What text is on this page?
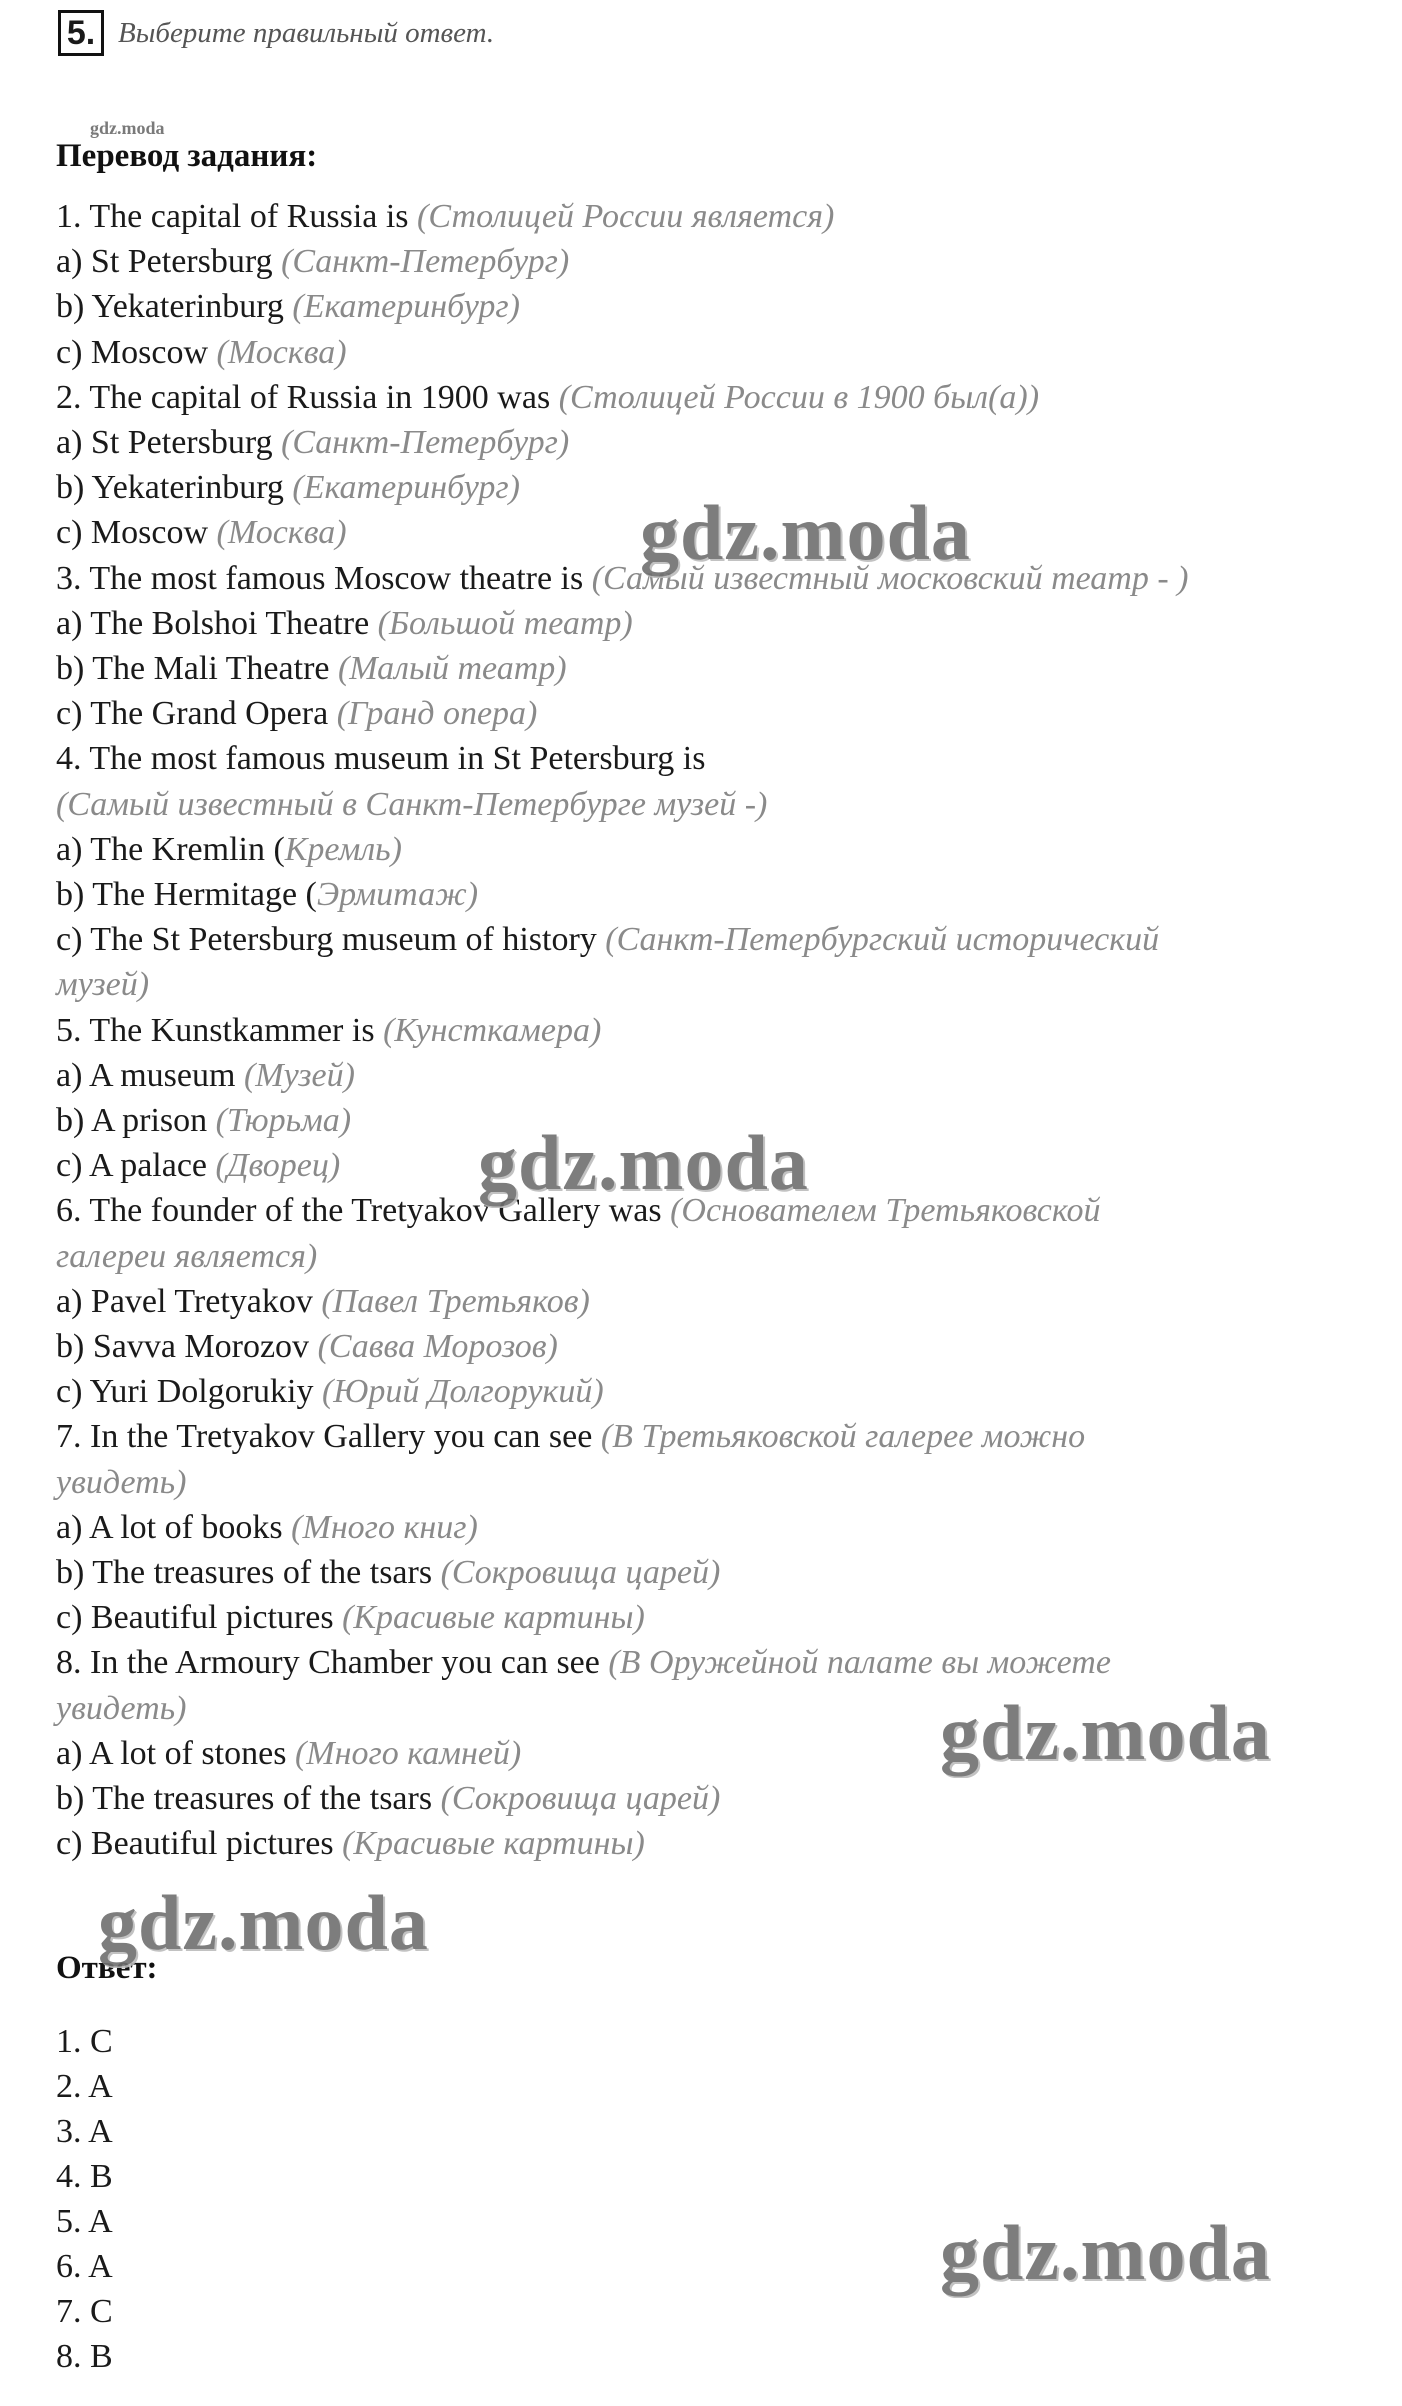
5. Выберите правильный ответ.
gdz.moda
Перевод задания:
1. The capital of Russia is (Столицей России является)
a) St Petersburg (Санкт-Петербург)
b) Yekaterinburg (Екатеринбург)
c) Moscow (Москва)
2. The capital of Russia in 1900 was (Столицей России в 1900 был(а))
a) St Petersburg (Санкт-Петербург)
b) Yekaterinburg (Екатеринбург)
c) Moscow (Москва)
3. The most famous Moscow theatre is (Самый известный московский театр - )
a) The Bolshoi Theatre (Большой театр)
b) The Mali Theatre (Малый театр)
c) The Grand Opera (Гранд опера)
4. The most famous museum in St Petersburg is
(Самый известный в Санкт-Петербурге музей -)
a) The Kremlin (Кремль)
b) The Hermitage (Эрмитаж)
c) The St Petersburg museum of history (Санкт-Петербургский исторический
музей)
5. The Kunstkammer is (Кунсткамера)
a) A museum (Музей)
b) A prison (Тюрьма)
c) A palace (Дворец)
6. The founder of the Tretyakov Gallery was (Основателем Третьяковской
галереи является)
a) Pavel Tretyakov (Павел Третьяков)
b) Savva Morozov (Савва Морозов)
c) Yuri Dolgorukiy (Юрий Долгорукий)
7. In the Tretyakov Gallery you can see (В Третьяковской галерее можно
увидеть)
a) A lot of books (Много книг)
b) The treasures of the tsars (Сокровища царей)
c) Beautiful pictures (Красивые картины)
8. In the Armoury Chamber you can see (В Оружейной палате вы можете
увидеть)
a) A lot of stones (Много камней)
b) The treasures of the tsars (Сокровища царей)
c) Beautiful pictures (Красивые картины)
Ответ:
1. C
2. A
3. A
4. B
5. A
6. A
7. C
8. B
gdz.moda
gdz.moda
gdz.moda
gdz.moda
gdz.moda
